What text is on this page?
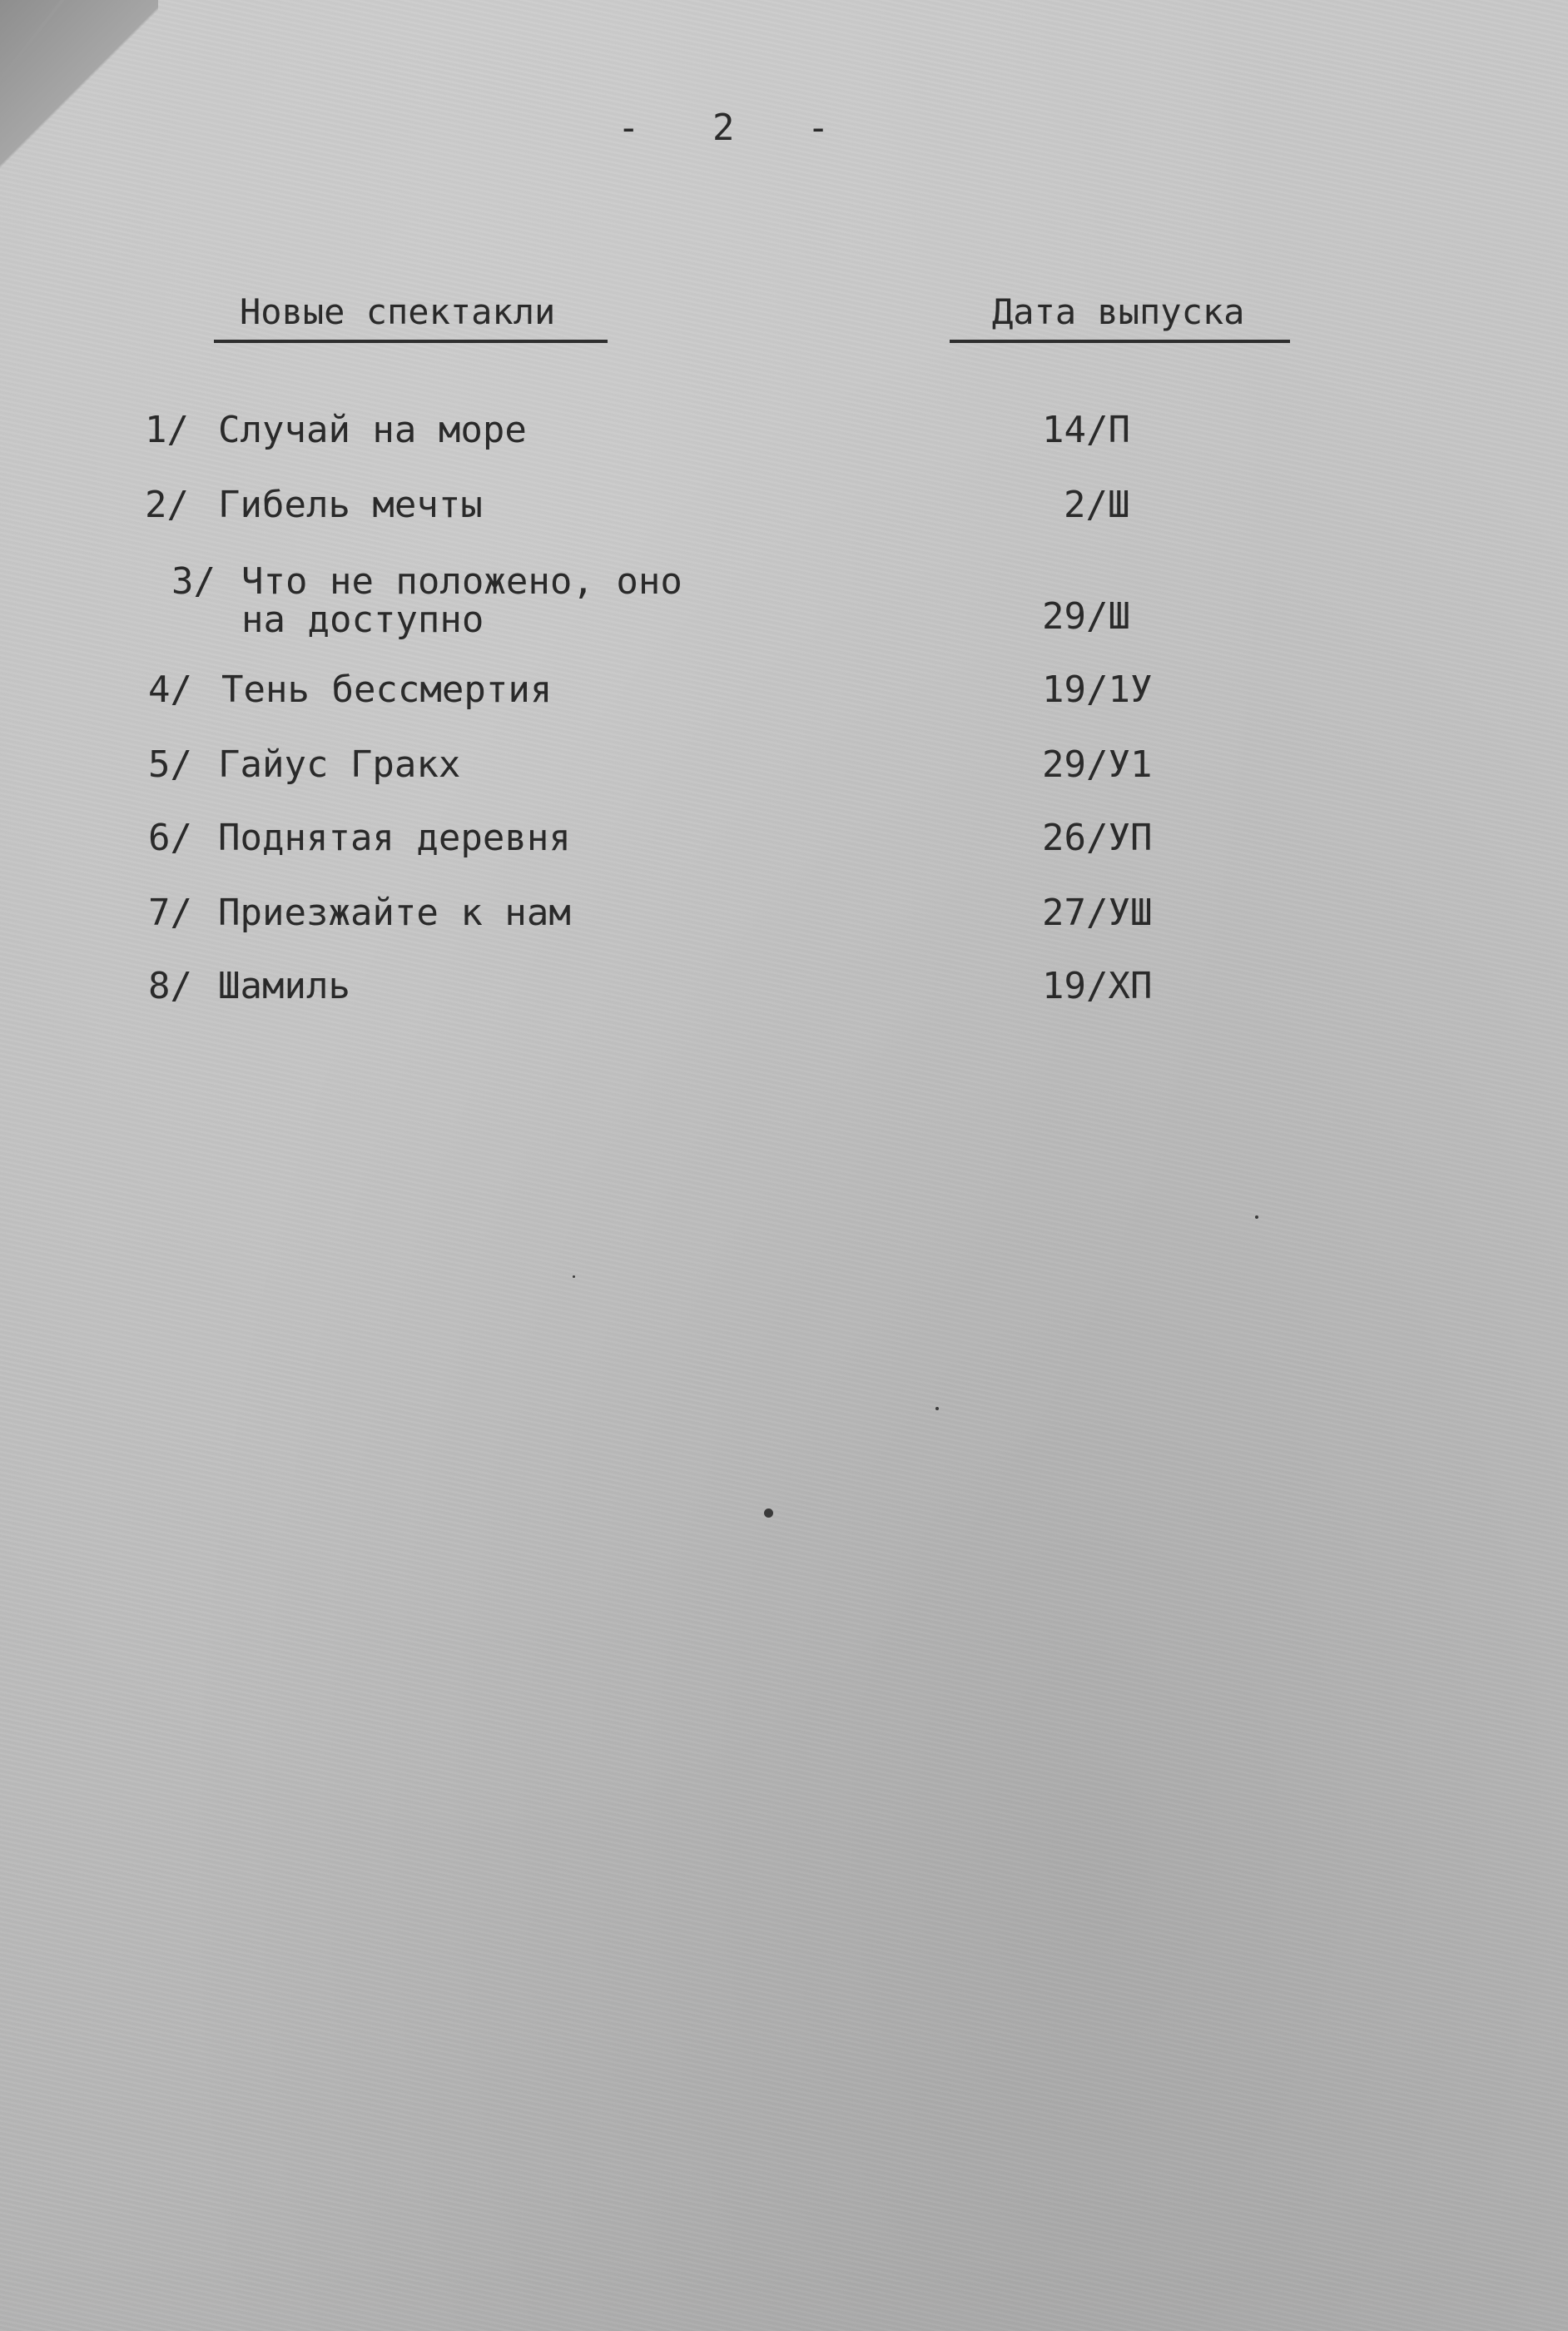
-   2   -
Новые спектакли	Дата выпуска
1/ Случай на море	14/П
2/ Гибель мечты	2/Ш
3/ Что не положено, оно
на доступно	29/Ш
4/ Тень бессмертия	19/1У
5/ Гайус Гракх	29/У1
6/ Поднятая деревня	26/УП
7/ Приезжайте к нам	27/УШ
8/ Шамиль	19/ХП
